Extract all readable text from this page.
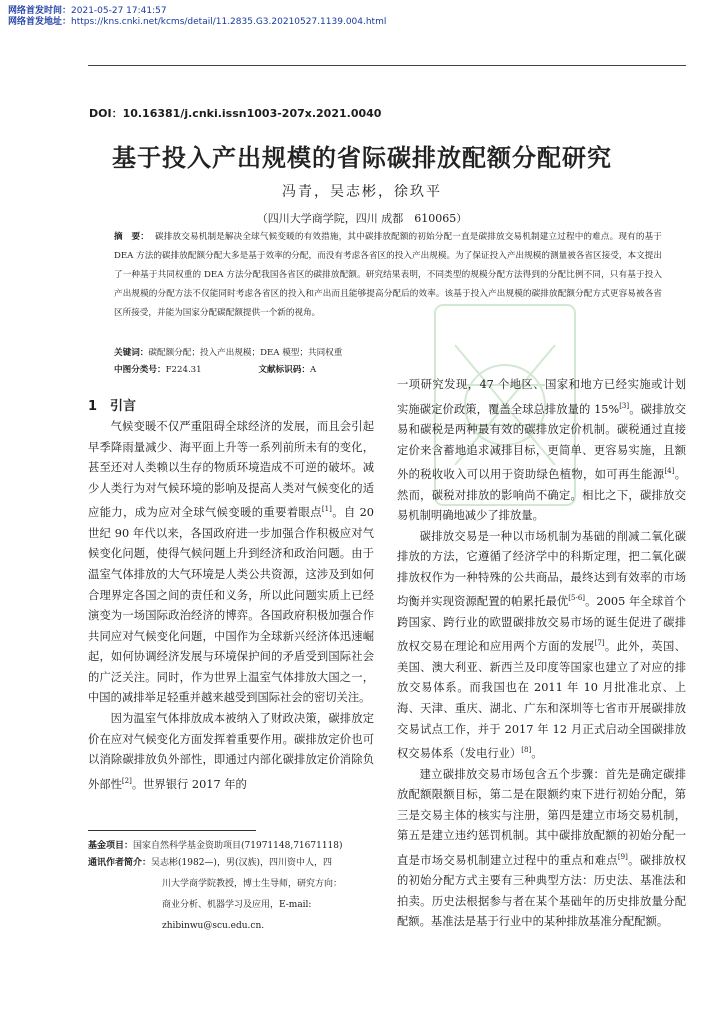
网络首发时间：2021-05-27 17:41:57
网络首发地址：https://kns.cnki.net/kcms/detail/11.2835.G3.20210527.1139.004.html
DOI：10.16381/j.cnki.issn1003-207x.2021.0040
基于投入产出规模的省际碳排放配额分配研究
冯青，吴志彬，徐玖平
（四川大学商学院，四川 成都　610065）
摘　要： 碳排放交易机制是解决全球气候变暖的有效措施，其中碳排放配额的初始分配一直是碳排放交易机制建立过程中的难点。现有的基于 DEA 方法的碳排放配额分配大多是基于效率的分配，而没有考虑各省区的投入产出规模。为了保证投入产出规模的测量被各省区接受，本文提出了一种基于共同权重的 DEA 方法分配我国各省区的碳排放配额。研究结果表明，不同类型的规模分配方法得到的分配比例不同，只有基于投入产出规模的分配方法不仅能同时考虑各省区的投入和产出而且能够提高分配后的效率。该基于投入产出规模的碳排放配额分配方式更容易被各省区所接受，并能为国家分配碳配额提供一个新的视角。
关键词：碳配额分配；投入产出规模；DEA 模型；共同权重
中图分类号：F224.31	文献标识码：A
1　引言

气候变暖不仅严重阻碍全球经济的发展，而且会引起早季降雨量减少、海平面上升等一系列前所未有的变化，甚至还对人类赖以生存的物质环境造成不可逆的破坏。减少人类行为对气候环境的影响及提高人类对气候变化的适应能力，成为应对全球气候变暖的重要着眼点[1]。自 20 世纪 90 年代以来，各国政府进一步加强合作积极应对气候变化问题，使得气候问题上升到经济和政治问题。由于温室气体排放的大气环境是人类公共资源，这涉及到如何合理界定各国之间的责任和义务，所以此问题实质上已经演变为一场国际政治经济的博弈。各国政府积极加强合作共同应对气候变化问题，中国作为全球新兴经济体迅速崛起，如何协调经济发展与环境保护间的矛盾受到国际社会的广泛关注。同时，作为世界上温室气体排放大国之一，中国的减排举足轻重并越来越受到国际社会的密切关注。

因为温室气体排放成本被纳入了财政决策，碳排放定价在应对气候变化方面发挥着重要作用。碳排放定价也可以消除碳排放负外部性，即通过内部化碳排放定价消除负外部性[2]。世界银行 2017 年的

一项研究发现，47 个地区、国家和地方已经实施或计划实施碳定价政策，覆盖全球总排放量的 15%[3]。碳排放交易和碳税是两种最有效的碳排放定价机制。碳税通过直接定价来含蓄地追求减排目标，更简单、更容易实施，且额外的税收收入可以用于资助绿色植物，如可再生能源[4]。然而，碳税对排放的影响尚不确定。相比之下，碳排放交易机制明确地减少了排放量。

碳排放交易是一种以市场机制为基础的削减二氧化碳排放的方法，它遵循了经济学中的科斯定理，把二氧化碳排放权作为一种特殊的公共商品，最终达到有效率的市场均衡并实现资源配置的帕累托最优[5-6]。2005 年全球首个跨国家、跨行业的欧盟碳排放交易市场的诞生促进了碳排放权交易在理论和应用两个方面的发展[7]。此外，英国、美国、澳大利亚、新西兰及印度等国家也建立了对应的排放交易体系。而我国也在 2011 年 10 月批准北京、上海、天津、重庆、湖北、广东和深圳等七省市开展碳排放交易试点工作，并于 2017 年 12 月正式启动全国碳排放权交易体系（发电行业）[8]。

建立碳排放交易市场包含五个步骤：首先是确定碳排放配额限额目标，第二是在限额约束下进行初始分配，第三是交易主体的核实与注册，第四是建立市场交易机制，第五是建立违约惩罚机制。其中碳排放配额的初始分配一直是市场交易机制建立过程中的重点和难点[9]。碳排放权的初始分配方式主要有三种典型方法：历史法、基准法和拍卖。历史法根据参与者在某个基础年的历史排放量分配配额。基准法是基于行业中的某种排放基准分配配额。

基金项目：国家自然科学基金资助项目(71971148,71671118)
通讯作者简介：吴志彬(1982—)，男(汉族)，四川资中人，四
川大学商学院教授，博士生导师，研究方向：
商业分析、机器学习及应用，E-mail:
zhibinwu@scu.edu.cn.
